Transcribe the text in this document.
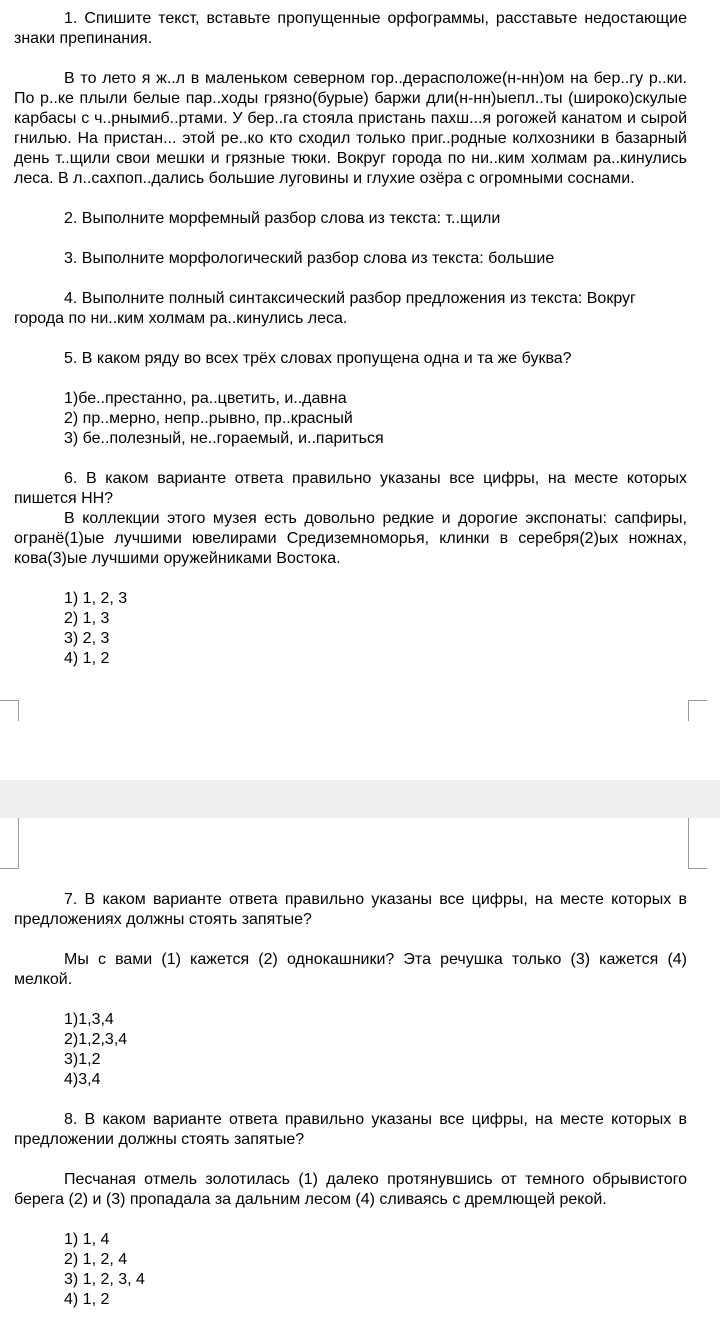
1. Спишите текст, вставьте пропущенные орфограммы, расставьте недостающие знаки препинания.

В то лето я ж..л в маленьком северном гор..дерасположе(н-нн)ом на бер..гу р..ки. По р..ке плыли белые пар..ходы грязно(бурые) баржи дли(н-нн)ыепл..ты (широко)скулые карбасы с ч..рнымиб..ртами. У бер..га стояла пристань пахш...я рогожей канатом и сырой гнилью. На пристан... этой ре..ко кто сходил только приг..родные колхозники в базарный день т..щили свои мешки и грязные тюки. Вокруг города по ни..ким холмам ра..кинулись леса. В л..сахпоп..дались большие луговины и глухие озёра с огромными соснами.

2. Выполните морфемный разбор слова из текста: т..щили

3. Выполните морфологический разбор слова из текста: большие

4. Выполните полный синтаксический разбор предложения из текста: Вокруг города по ни..ким холмам ра..кинулись леса.

5. В каком ряду во всех трёх словах пропущена одна и та же буква?

1)бе..престанно, ра..цветить, и..давна

2) пр..мерно, непр..рывно, пр..красный

3) бе..полезный, не..гораемый, и..париться

6. В каком варианте ответа правильно указаны все цифры, на месте которых пишется НН?

В коллекции этого музея есть довольно редкие и дорогие экспонаты: сапфиры, огранё(1)ые лучшими ювелирами Средиземноморья, клинки в серебря(2)ых ножнах, кова(3)ые лучшими оружейниками Востока.

1) 1, 2, 3

2) 1, 3

3) 2, 3

4) 1, 2

7. В каком варианте ответа правильно указаны все цифры, на месте которых в предложениях должны стоять запятые?

Мы с вами (1) кажется (2) однокашники? Эта речушка только (3) кажется (4) мелкой.

1)1,3,4

2)1,2,3,4

3)1,2

4)3,4

8. В каком варианте ответа правильно указаны все цифры, на месте которых в предложении должны стоять запятые?

Песчаная отмель золотилась (1) далеко протянувшись от темного обрывистого берега (2) и (3) пропадала за дальним лесом (4) сливаясь с дремлющей рекой.

1) 1, 4

2) 1, 2, 4

3) 1, 2, 3, 4

4) 1, 2
